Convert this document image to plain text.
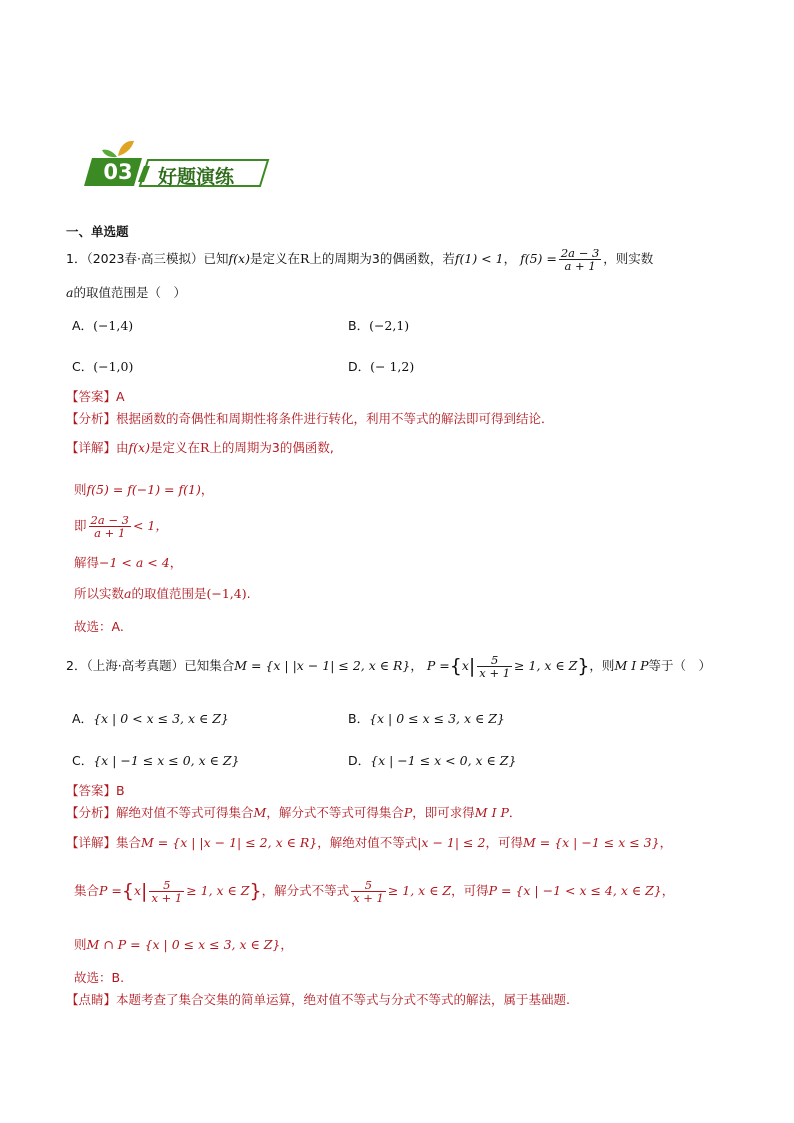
03 好题演练
一、单选题
1．（2023春·高三模拟）已知f(x)是定义在R上的周期为3的偶函数，若f(1) < 1， $f(5) = \frac{2a - 3}{a + 1}$ ，则实数
a的取值范围是（　）
A．(−1,4)	B．(−2,1)
C．(−1,0)	D．(− 1,2)
【答案】A
【分析】根据函数的奇偶性和周期性将条件进行转化，利用不等式的解法即可得到结论．
【详解】由f(x)是定义在R上的周期为3的偶函数,
则f(5) = f(−1) = f(1)，
即 $\frac{2a - 3}{a + 1} < 1$，
解得−1 < a < 4，
所以实数a的取值范围是(−1,4).
故选：A.
2．（上海·高考真题）已知集合M = {x | |x − 1| ≤ 2, x ∈ R}， $P =\{x| \frac{5}{x + 1} \ge 1$, x ∈ Z}，则M I P等于（　）
A．{x | 0 < x ≤ 3, x ∈ Z}	B．{x | 0 ≤ x ≤ 3, x ∈ Z}
C．{x | −1 ≤ x ≤ 0, x ∈ Z}	D．{x | −1 ≤ x < 0, x ∈ Z}
【答案】B
【分析】解绝对值不等式可得集合M，解分式不等式可得集合P，即可求得M I P．
【详解】集合M = {x | |x − 1| ≤ 2, x ∈ R}，解绝对值不等式|x − 1| ≤ 2，可得M = {x | −1 ≤ x ≤ 3}，
集合$P =\{x| \frac{5}{x + 1} \ge 1$, x ∈ Z}，解分式不等式 $\frac{5}{x + 1} \ge 1$, x ∈ Z，可得P = {x | −1 < x ≤ 4, x ∈ Z}，
则M ∩ P = {x | 0 ≤ x ≤ 3, x ∈ Z}，
故选：B.
【点睛】本题考查了集合交集的简单运算，绝对值不等式与分式不等式的解法，属于基础题.
